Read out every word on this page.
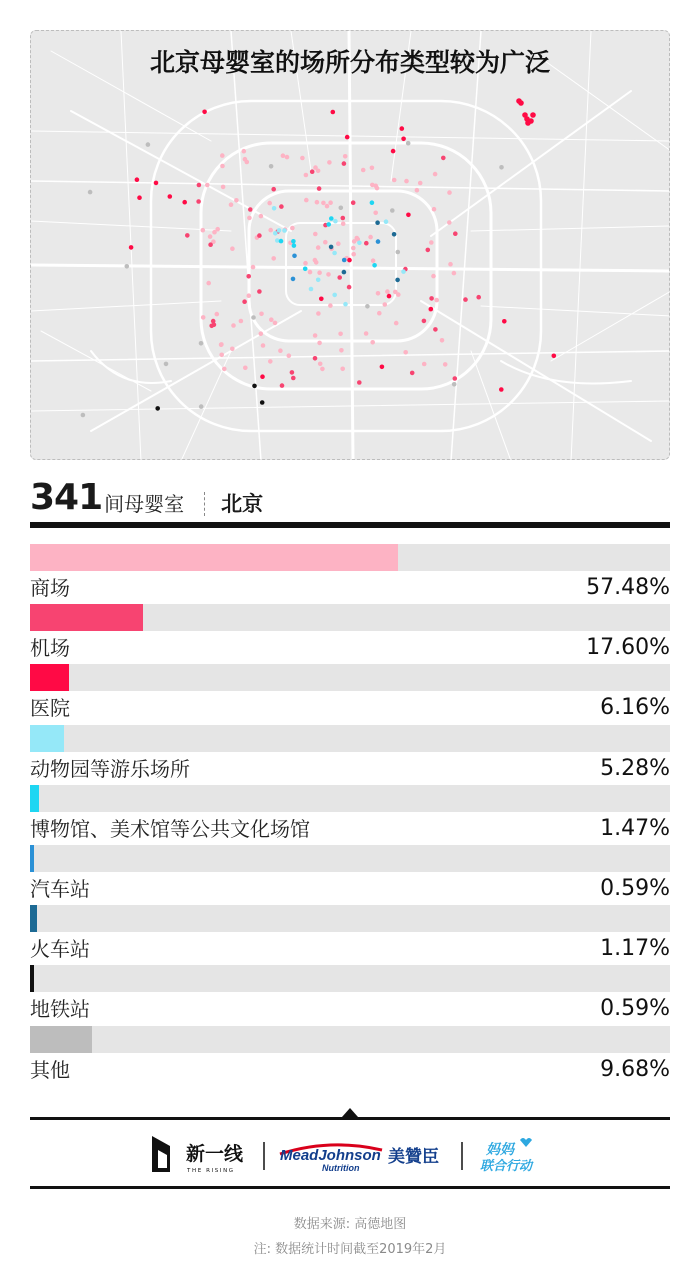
北京母婴室的场所分布类型较为广泛
341 间母婴室 北京
商场	57.48%
机场	17.60%
医院	6.16%
动物园等游乐场所	5.28%
博物馆、美术馆等公共文化场馆	1.47%
汽车站	0.59%
火车站	1.17%
地铁站	0.59%
其他	9.68%
新一线
THE RISING
MeadJohnson
Nutrition
美贊臣	妈妈
联合行动
数据来源: 高德地图
注: 数据统计时间截至2019年2月
